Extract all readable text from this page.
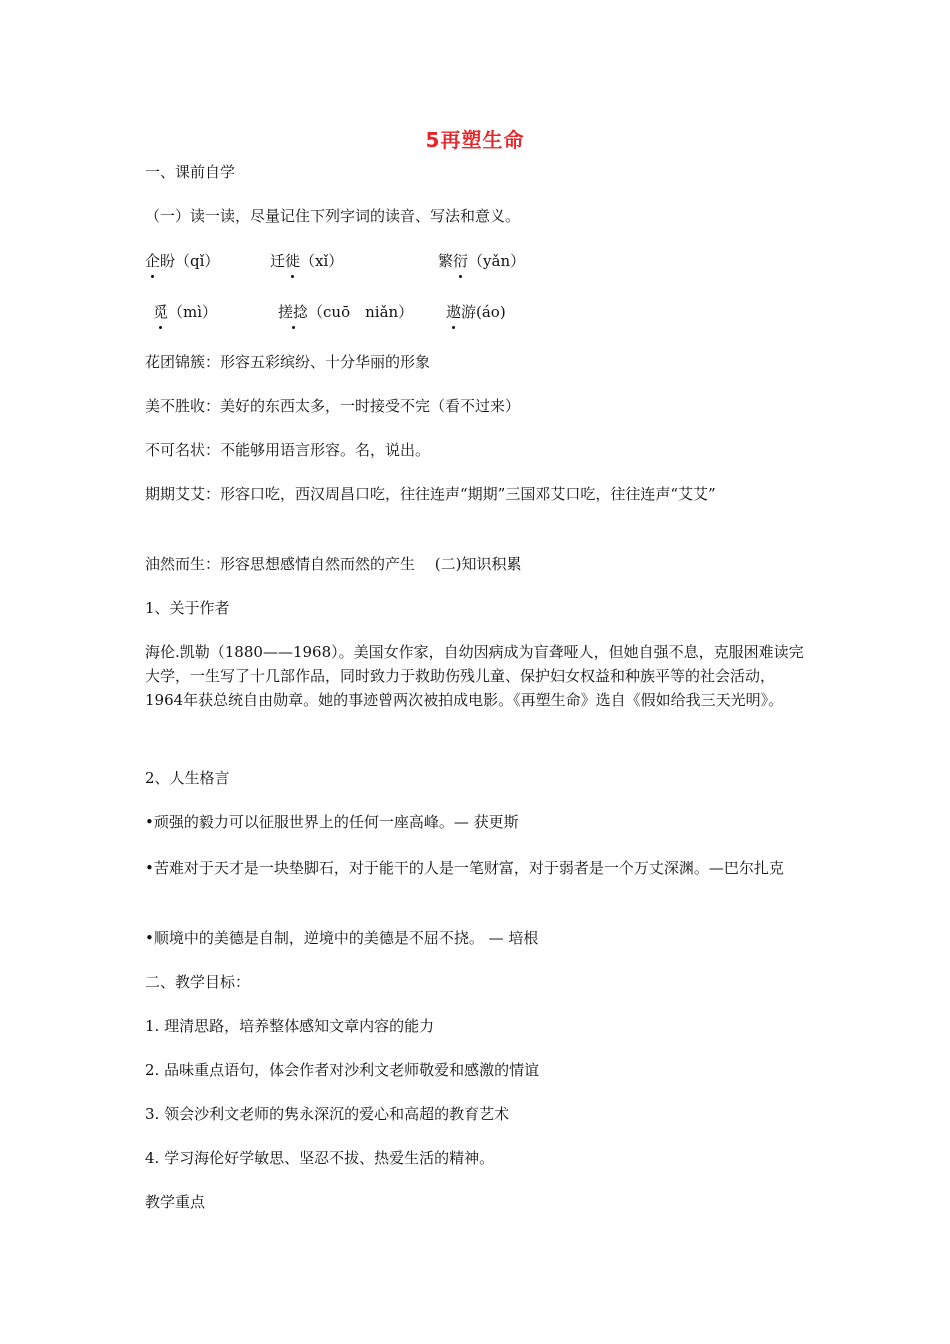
5再塑生命
一、课前自学
（一）读一读，尽量记住下列字词的读音、写法和意义。
企盼（qǐ）	迁徙（xǐ）	繁衍（yǎn）
觅（mì）	搓捻（cuō　niǎn） 遨游(áo)
花团锦簇：形容五彩缤纷、十分华丽的形象
美不胜收：美好的东西太多，一时接受不完（看不过来）
不可名状：不能够用语言形容。名，说出。
期期艾艾：形容口吃，西汉周昌口吃，往往连声“期期”三国邓艾口吃，往往连声“艾艾”
油然而生：形容思想感情自然而然的产生　 (二)知识积累
1、关于作者
海伦.凯勒（1880——1968）。美国女作家，自幼因病成为盲聋哑人，但她自强不息，克服困难读完大学，一生写了十几部作品，同时致力于救助伤残儿童、保护妇女权益和种族平等的社会活动，1964年获总统自由勋章。她的事迹曾两次被拍成电影。《再塑生命》选自《假如给我三天光明》。
2、人生格言
•顽强的毅力可以征服世界上的任何一座高峰。— 获更斯
•苦难对于天才是一块垫脚石，对于能干的人是一笔财富，对于弱者是一个万丈深渊。—巴尔扎克
•顺境中的美德是自制，逆境中的美德是不屈不挠。 — 培根
二、教学目标：
1. 理清思路，培养整体感知文章内容的能力
2. 品味重点语句，体会作者对沙利文老师敬爱和感激的情谊
3. 领会沙利文老师的隽永深沉的爱心和高超的教育艺术
4. 学习海伦好学敏思、坚忍不拔、热爱生活的精神。
教学重点
